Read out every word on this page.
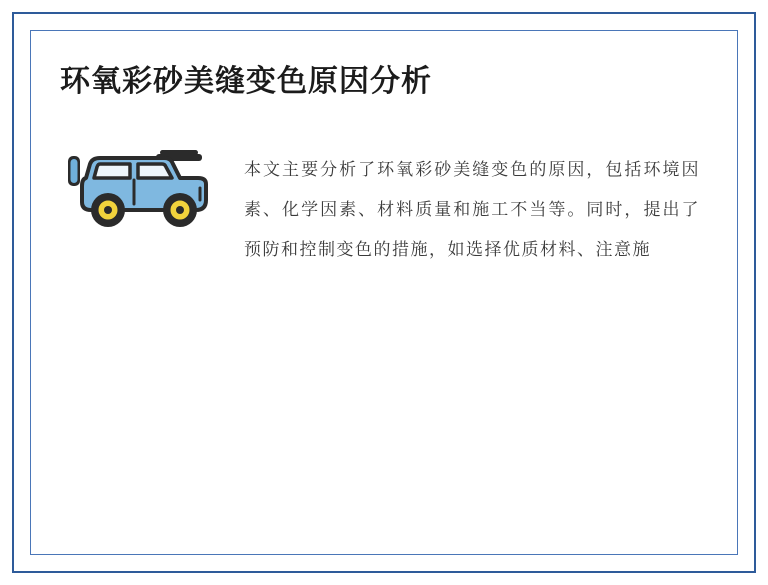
环氧彩砂美缝变色原因分析

本文主要分析了环氧彩砂美缝变色的原因，包括环境因素、化学因素、材料质量和施工不当等。同时，提出了预防和控制变色的措施，如选择优质材料、注意施
